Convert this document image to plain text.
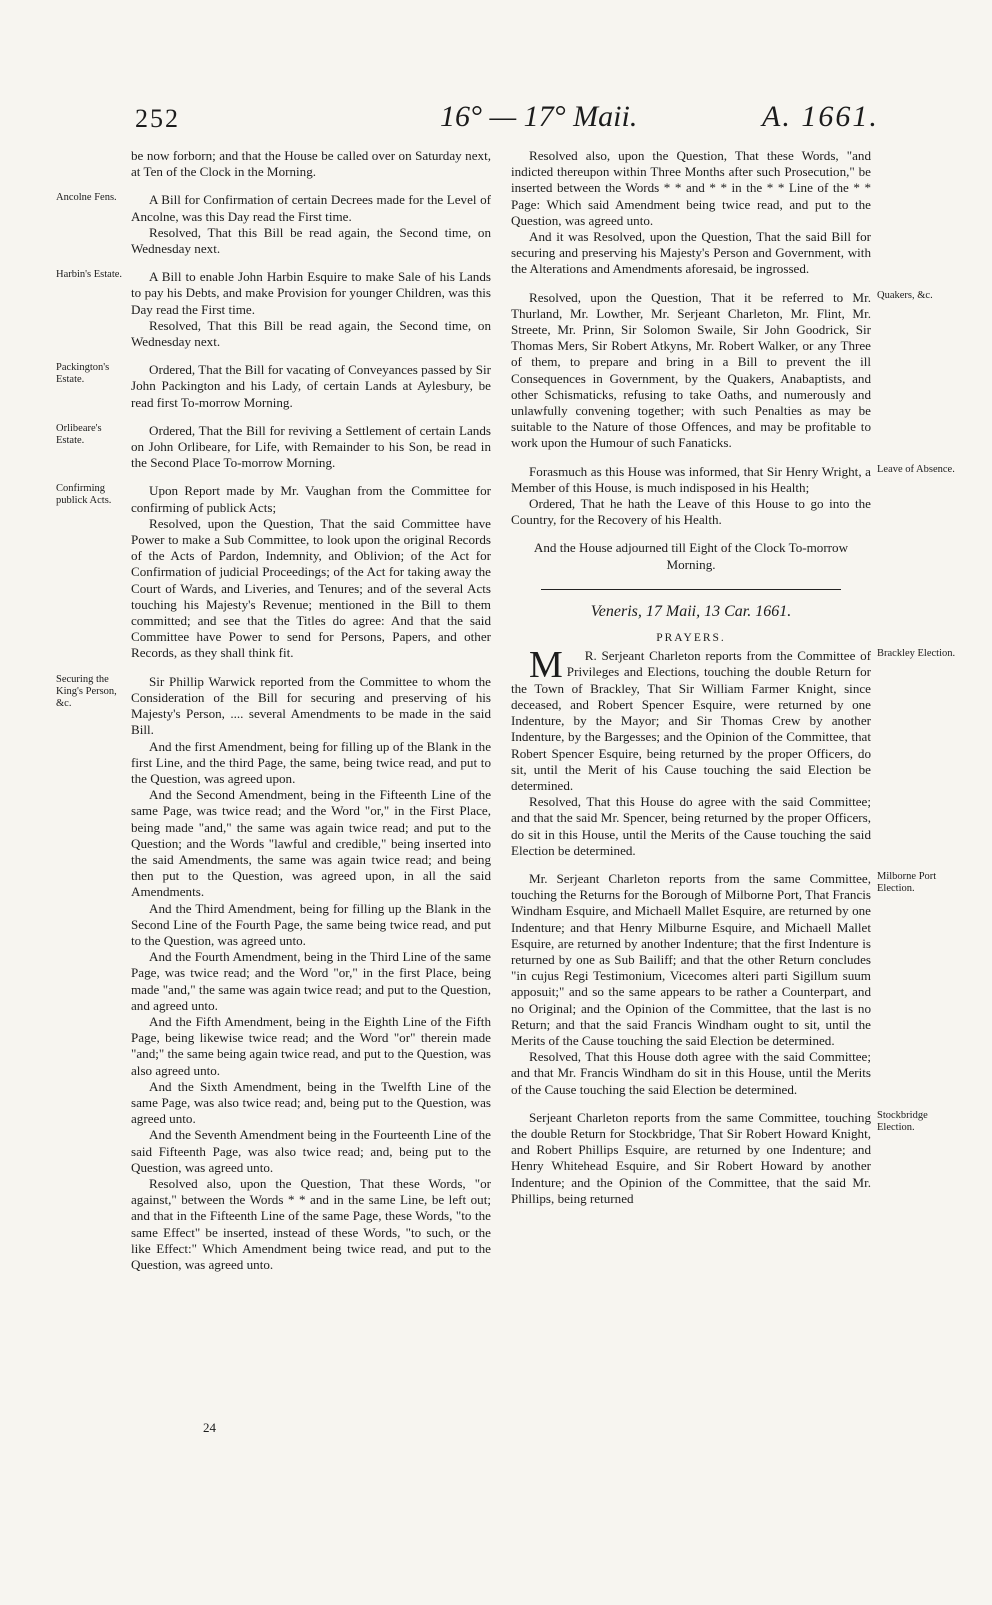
252	16° — 17° Maii.	A. 1661.

be now forborn; and that the House be called over on Saturday next, at Ten of the Clock in the Morning.

Ancolne Fens.	A Bill for Confirmation of certain Decrees made for the Level of Ancolne, was this Day read the First time.

Resolved, That this Bill be read again, the Second time, on Wednesday next.

Harbin's Estate.	A Bill to enable John Harbin Esquire to make Sale of his Lands to pay his Debts, and make Provision for younger Children, was this Day read the First time.

Resolved, That this Bill be read again, the Second time, on Wednesday next.

Packington's Estate.

Ordered, That the Bill for vacating of Conveyances passed by Sir John Packington and his Lady, of certain Lands at Aylesbury, be read first To-morrow Morning.

Orlibeare's Estate.

Ordered, That the Bill for reviving a Settlement of certain Lands on John Orlibeare, for Life, with Remainder to his Son, be read in the Second Place To-morrow Morning.

Confirming publick Acts.

Upon Report made by Mr. Vaughan from the Committee for confirming of publick Acts;

Resolved, upon the Question, That the said Committee have Power to make a Sub Committee, to look upon the original Records of the Acts of Pardon, Indemnity, and Oblivion; of the Act for Confirmation of judicial Proceedings; of the Act for taking away the Court of Wards, and Liveries, and Tenures; and of the several Acts touching his Majesty's Revenue; mentioned in the Bill to them committed; and see that the Titles do agree: And that the said Committee have Power to send for Persons, Papers, and other Records, as they shall think fit.

Securing the King's Person, &c.

Sir Phillip Warwick reported from the Committee to whom the Consideration of the Bill for securing and preserving of his Majesty's Person, .... several Amendments to be made in the said Bill.

And the first Amendment, being for filling up of the Blank in the first Line, and the third Page, the same, being twice read, and put to the Question, was agreed upon.

And the Second Amendment, being in the Fifteenth Line of the same Page, was twice read; and the Word "or," in the First Place, being made "and," the same was again twice read; and put to the Question; and the Words "lawful and credible," being inserted into the said Amendments, the same was again twice read; and being then put to the Question, was agreed upon, in all the said Amendments.

And the Third Amendment, being for filling up the Blank in the Second Line of the Fourth Page, the same being twice read, and put to the Question, was agreed unto.

And the Fourth Amendment, being in the Third Line of the same Page, was twice read; and the Word "or," in the first Place, being made "and," the same was again twice read; and put to the Question, and agreed unto.

And the Fifth Amendment, being in the Eighth Line of the Fifth Page, being likewise twice read; and the Word "or" therein made "and;" the same being again twice read, and put to the Question, was also agreed unto.

And the Sixth Amendment, being in the Twelfth Line of the same Page, was also twice read; and, being put to the Question, was agreed unto.

And the Seventh Amendment being in the Fourteenth Line of the said Fifteenth Page, was also twice read; and, being put to the Question, was agreed unto.

Resolved also, upon the Question, That these Words, "or against," between the Words * * and in the same Line, be left out; and that in the Fifteenth Line of the same Page, these Words, "to the same Effect" be inserted, instead of these Words, "to such, or the like Effect:" Which Amendment being twice read, and put to the Question, was agreed unto.

Resolved also, upon the Question, That these Words, "and indicted thereupon within Three Months after such Prosecution," be inserted between the Words * * and * * in the * * Line of the * * Page: Which said Amendment being twice read, and put to the Question, was agreed unto.

And it was Resolved, upon the Question, That the said Bill for securing and preserving his Majesty's Person and Government, with the Alterations and Amendments aforesaid, be ingrossed.

Quakers, &c.

Resolved, upon the Question, That it be referred to Mr. Thurland, Mr. Lowther, Mr. Serjeant Charleton, Mr. Flint, Mr. Streete, Mr. Prinn, Sir Solomon Swaile, Sir John Goodrick, Sir Thomas Mers, Sir Robert Atkyns, Mr. Robert Walker, or any Three of them, to prepare and bring in a Bill to prevent the ill Consequences in Government, by the Quakers, Anabaptists, and other Schismaticks, refusing to take Oaths, and numerously and unlawfully convening together; with such Penalties as may be suitable to the Nature of those Offences, and may be profitable to work upon the Humour of such Fanaticks.

Leave of Absence.

Forasmuch as this House was informed, that Sir Henry Wright, a Member of this House, is much indisposed in his Health;

Ordered, That he hath the Leave of this House to go into the Country, for the Recovery of his Health.

And the House adjourned till Eight of the Clock To-morrow Morning.

Veneris, 17 Maii, 13 Car. 1661.
PRAYERS.
Brackley Election.

M R. Serjeant Charleton reports from the Committee of Privileges and Elections, touching the double Return for the Town of Brackley, That Sir William Farmer Knight, since deceased, and Robert Spencer Esquire, were returned by one Indenture, by the Mayor; and Sir Thomas Crew by another Indenture, by the Bargesses; and the Opinion of the Committee, that Robert Spencer Esquire, being returned by the proper Officers, do sit, until the Merit of his Cause touching the said Election be determined.

Resolved, That this House do agree with the said Committee; and that the said Mr. Spencer, being returned by the proper Officers, do sit in this House, until the Merits of the Cause touching the said Election be determined.

Milborne Port Election.

Mr. Serjeant Charleton reports from the same Committee, touching the Returns for the Borough of Milborne Port, That Francis Windham Esquire, and Michaell Mallet Esquire, are returned by one Indenture; and that Henry Milburne Esquire, and Michaell Mallet Esquire, are returned by another Indenture; that the first Indenture is returned by one as Sub Bailiff; and that the other Return concludes "in cujus Regi Testimonium, Vicecomes alteri parti Sigillum suum apposuit;" and so the same appears to be rather a Counterpart, and no Original; and the Opinion of the Committee, that the last is no Return; and that the said Francis Windham ought to sit, until the Merits of the Cause touching the said Election be determined.

Resolved, That this House doth agree with the said Committee; and that Mr. Francis Windham do sit in this House, until the Merits of the Cause touching the said Election be determined.

Stockbridge Election.

Serjeant Charleton reports from the same Committee, touching the double Return for Stockbridge, That Sir Robert Howard Knight, and Robert Phillips Esquire, are returned by one Indenture; and Henry Whitehead Esquire, and Sir Robert Howard by another Indenture; and the Opinion of the Committee, that the said Mr. Phillips, being returned

24
